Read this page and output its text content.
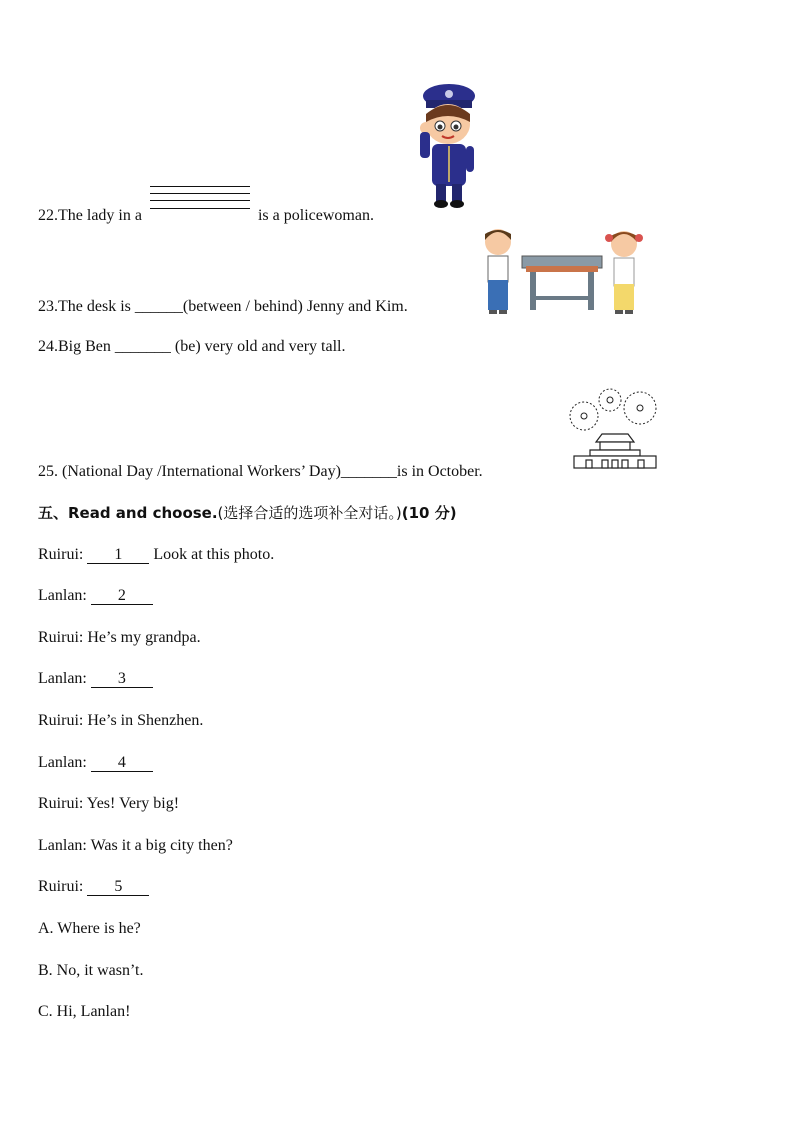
22.The lady in a	is a policewoman.
23.The desk is ______(between / behind) Jenny and Kim.
24.Big Ben _______ (be) very old and very tall.
25. (National Day /International Workers’ Day)_______is in October.
五、Read and choose.(选择合适的选项补全对话。)(10 分)
Ruirui: 1 Look at this photo.
Lanlan: 2
Ruirui: He’s my grandpa.
Lanlan: 3
Ruirui: He’s in Shenzhen.
Lanlan: 4
Ruirui: Yes! Very big!
Lanlan: Was it a big city then?
Ruirui: 5
A. Where is he?
B. No, it wasn’t.
C. Hi, Lanlan!
